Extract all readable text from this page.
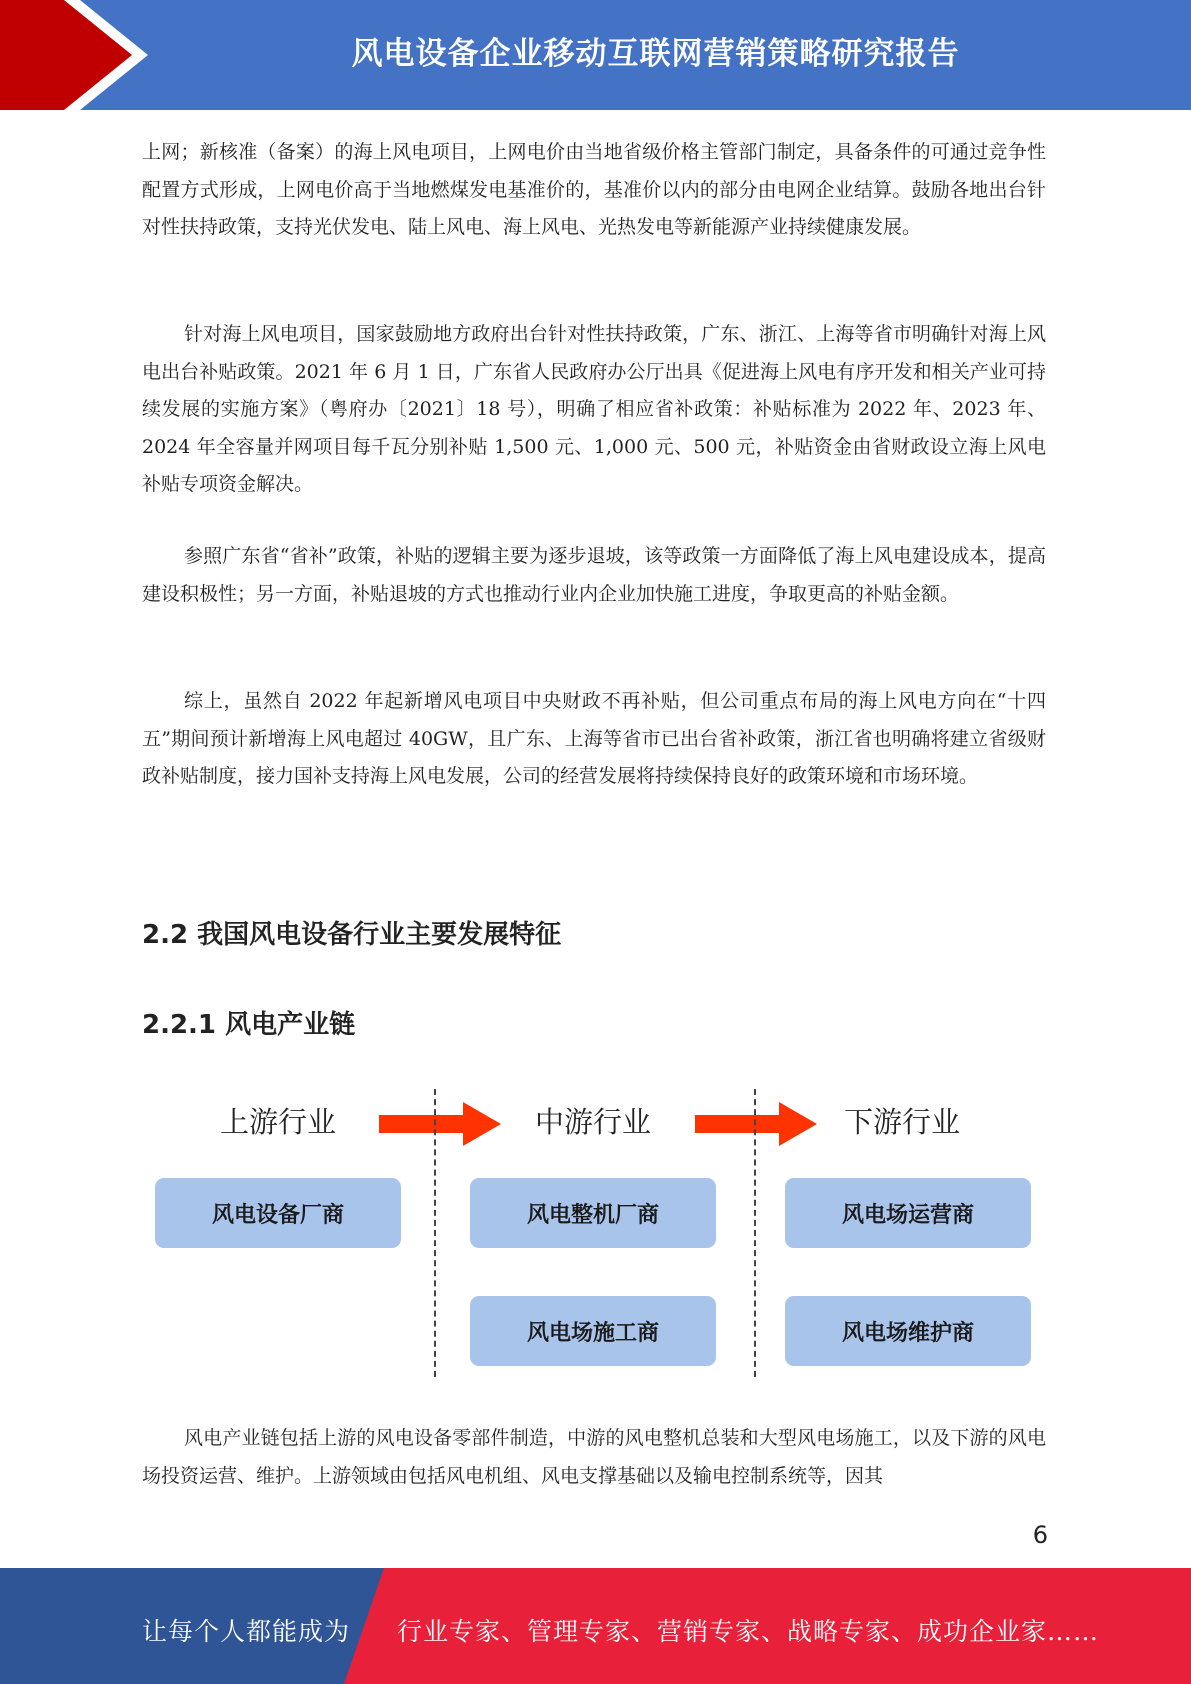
风电设备企业移动互联网营销策略研究报告

上网；新核准（备案）的海上风电项目，上网电价由当地省级价格主管部门制定，具备条件的可通过竞争性配置方式形成，上网电价高于当地燃煤发电基准价的，基准价以内的部分由电网企业结算。鼓励各地出台针对性扶持政策，支持光伏发电、陆上风电、海上风电、光热发电等新能源产业持续健康发展。

针对海上风电项目，国家鼓励地方政府出台针对性扶持政策，广东、浙江、上海等省市明确针对海上风电出台补贴政策。2021 年 6 月 1 日，广东省人民政府办公厅出具《促进海上风电有序开发和相关产业可持续发展的实施方案》（粤府办〔2021〕18 号），明确了相应省补政策：补贴标准为 2022 年、2023 年、2024 年全容量并网项目每千瓦分别补贴 1,500 元、1,000 元、500 元，补贴资金由省财政设立海上风电补贴专项资金解决。

参照广东省“省补”政策，补贴的逻辑主要为逐步退坡，该等政策一方面降低了海上风电建设成本，提高建设积极性；另一方面，补贴退坡的方式也推动行业内企业加快施工进度，争取更高的补贴金额。

综上，虽然自 2022 年起新增风电项目中央财政不再补贴，但公司重点布局的海上风电方向在“十四五”期间预计新增海上风电超过 40GW，且广东、上海等省市已出台省补政策，浙江省也明确将建立省级财政补贴制度，接力国补支持海上风电发展，公司的经营发展将持续保持良好的政策环境和市场环境。

2.2 我国风电设备行业主要发展特征
2.2.1 风电产业链
上游行业	中游行业	下游行业
风电设备厂商	风电整机厂商	风电场运营商
风电场施工商	风电场维护商

风电产业链包括上游的风电设备零部件制造，中游的风电整机总装和大型风电场施工，以及下游的风电场投资运营、维护。上游领域由包括风电机组、风电支撑基础以及输电控制系统等，因其

6
让每个人都能成为 行业专家、管理专家、营销专家、战略专家、成功企业家……
